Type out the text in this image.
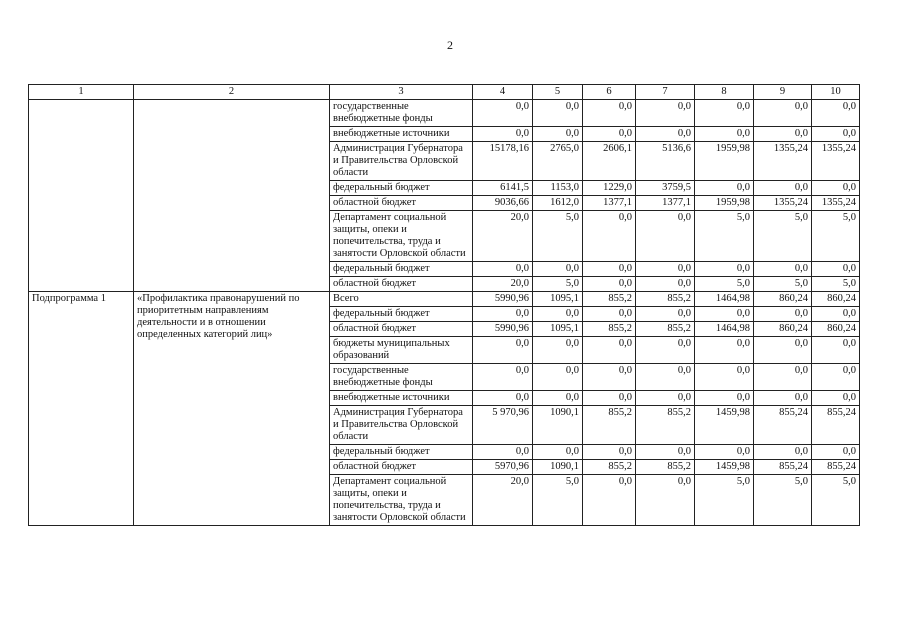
2
1	2	3	4	5	6	7	8	9	10
		государственные внебюджетные фонды	0,0	0,0	0,0	0,0	0,0	0,0	0,0
		внебюджетные источники	0,0	0,0	0,0	0,0	0,0	0,0	0,0
		Администрация Губернатора и Правительства Орловской области	15178,16	2765,0	2606,1	5136,6	1959,98	1355,24	1355,24
		федеральный бюджет	6141,5	1153,0	1229,0	3759,5	0,0	0,0	0,0
		областной бюджет	9036,66	1612,0	1377,1	1377,1	1959,98	1355,24	1355,24
		Департамент социальной защиты, опеки и попечительства, труда и занятости Орловской области	20,0	5,0	0,0	0,0	5,0	5,0	5,0
		федеральный бюджет	0,0	0,0	0,0	0,0	0,0	0,0	0,0
		областной бюджет	20,0	5,0	0,0	0,0	5,0	5,0	5,0
Подпрограмма 1	«Профилактика правонарушений по приоритетным направлениям деятельности и в отношении определенных категорий лиц»	Всего	5990,96	1095,1	855,2	855,2	1464,98	860,24	860,24
		федеральный бюджет	0,0	0,0	0,0	0,0	0,0	0,0	0,0
		областной бюджет	5990,96	1095,1	855,2	855,2	1464,98	860,24	860,24
		бюджеты муниципальных образований	0,0	0,0	0,0	0,0	0,0	0,0	0,0
		государственные внебюджетные фонды	0,0	0,0	0,0	0,0	0,0	0,0	0,0
		внебюджетные источники	0,0	0,0	0,0	0,0	0,0	0,0	0,0
		Администрация Губернатора и Правительства Орловской области	5 970,96	1090,1	855,2	855,2	1459,98	855,24	855,24
		федеральный бюджет	0,0	0,0	0,0	0,0	0,0	0,0	0,0
		областной бюджет	5970,96	1090,1	855,2	855,2	1459,98	855,24	855,24
		Департамент социальной защиты, опеки и попечительства, труда и занятости Орловской области	20,0	5,0	0,0	0,0	5,0	5,0	5,0
